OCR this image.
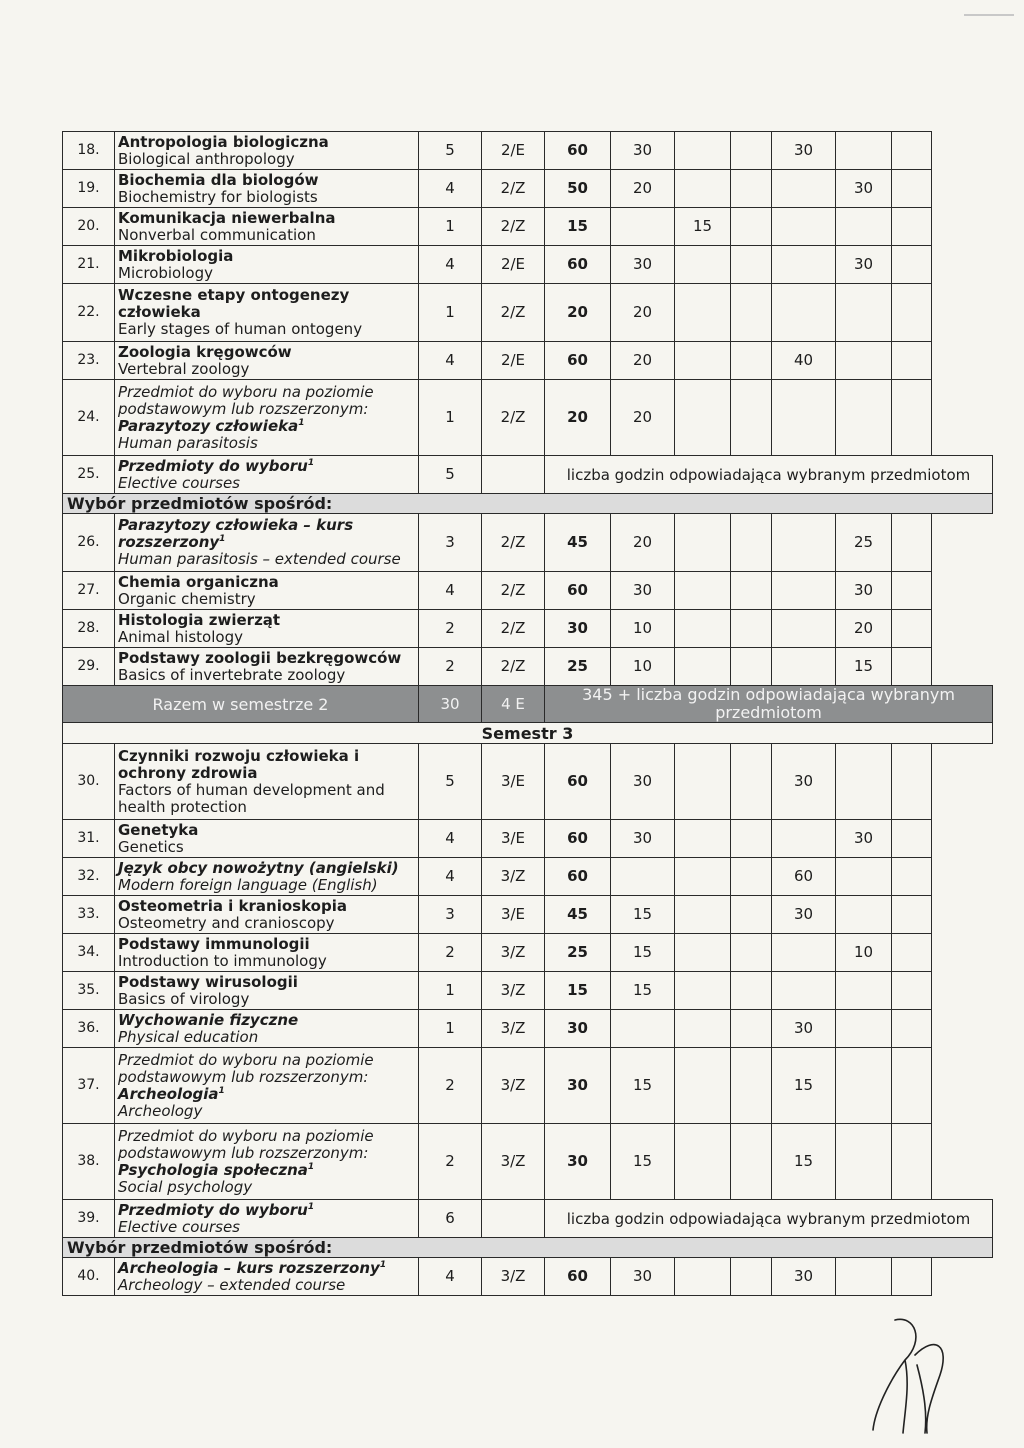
18.	Antropologia biologiczna
Biological anthropology	5	2/E	60	30			30		
19.	Biochemia dla biologów
Biochemistry for biologists	4	2/Z	50	20				30	
20.	Komunikacja niewerbalna
Nonverbal communication	1	2/Z	15		15				
21.	Mikrobiologia
Microbiology	4	2/E	60	30				30	
22.	Wczesne etapy ontogenezy człowieka
Early stages of human ontogeny	1	2/Z	20	20					
23.	Zoologia kręgowców
Vertebral zoology	4	2/E	60	20			40		
24.	Przedmiot do wyboru na poziomie podstawowym lub rozszerzonym:
Parazytozy człowieka$^1$
Human parasitosis	1	2/Z	20	20					
25.	Przedmioty do wyboru$^1$
Elective courses	5		liczba godzin odpowiadająca wybranym przedmiotom						
Wybór przedmiotów spośród:										
26.	Parazytozy człowieka – kurs rozszerzony$^1$
Human parasitosis – extended course	3	2/Z	45	20				25	
27.	Chemia organiczna
Organic chemistry	4	2/Z	60	30				30	
28.	Histologia zwierząt
Animal histology	2	2/Z	30	10				20	
29.	Podstawy zoologii bezkręgowców
Basics of invertebrate zoology	2	2/Z	25	10				15	
Razem w semestrze 2		30	4 E	345 + liczba godzin odpowiadająca wybranym przedmiotom						
Semestr 3										
30.	Czynniki rozwoju człowieka i ochrony zdrowia
Factors of human development and health protection	5	3/E	60	30			30		
31.	Genetyka
Genetics	4	3/E	60	30				30	
32.	Język obcy nowożytny (angielski)
Modern foreign language (English)	4	3/Z	60				60		
33.	Osteometria i kranioskopia
Osteometry and cranioscopy	3	3/E	45	15			30		
34.	Podstawy immunologii
Introduction to immunology	2	3/Z	25	15				10	
35.	Podstawy wirusologii
Basics of virology	1	3/Z	15	15					
36.	Wychowanie fizyczne
Physical education	1	3/Z	30				30		
37.	Przedmiot do wyboru na poziomie podstawowym lub rozszerzonym:
Archeologia$^1$
Archeology	2	3/Z	30	15			15		
38.	Przedmiot do wyboru na poziomie podstawowym lub rozszerzonym:
Psychologia społeczna$^1$
Social psychology	2	3/Z	30	15			15		
39.	Przedmioty do wyboru$^1$
Elective courses	6		liczba godzin odpowiadająca wybranym przedmiotom						
Wybór przedmiotów spośród:										
40.	Archeologia – kurs rozszerzony$^1$
Archeology – extended course	4	3/Z	60	30			30		
